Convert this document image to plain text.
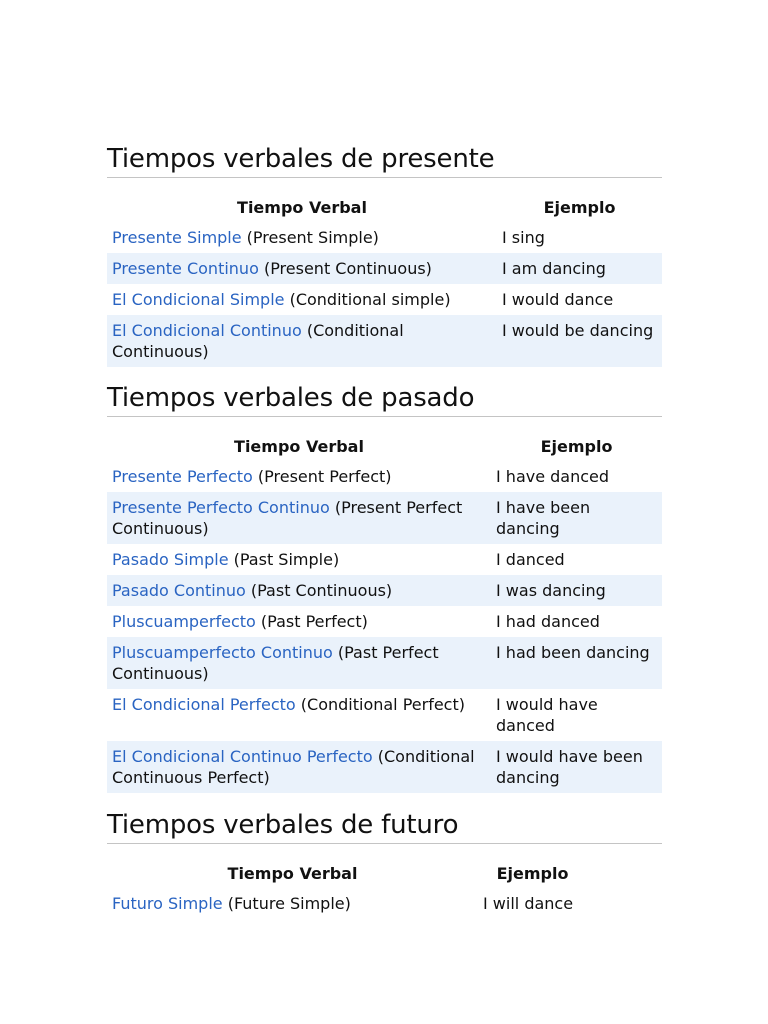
Tiempos verbales de presente
Tiempo Verbal	Ejemplo
Presente Simple (Present Simple)	I sing
Presente Continuo (Present Continuous)	I am dancing
El Condicional Simple (Conditional simple)	I would dance
El Condicional Continuo (Conditional Continuous)	I would be dancing
Tiempos verbales de pasado
Tiempo Verbal	Ejemplo
Presente Perfecto (Present Perfect)	I have danced
Presente Perfecto Continuo (Present Perfect Continuous)	I have been dancing
Pasado Simple (Past Simple)	I danced
Pasado Continuo (Past Continuous)	I was dancing
Pluscuamperfecto (Past Perfect)	I had danced
Pluscuamperfecto Continuo (Past Perfect Continuous)	I had been dancing
El Condicional Perfecto (Conditional Perfect)	I would have danced
El Condicional Continuo Perfecto (Conditional Continuous Perfect)	I would have been dancing
Tiempos verbales de futuro
Tiempo Verbal	Ejemplo
Futuro Simple (Future Simple)	I will dance
